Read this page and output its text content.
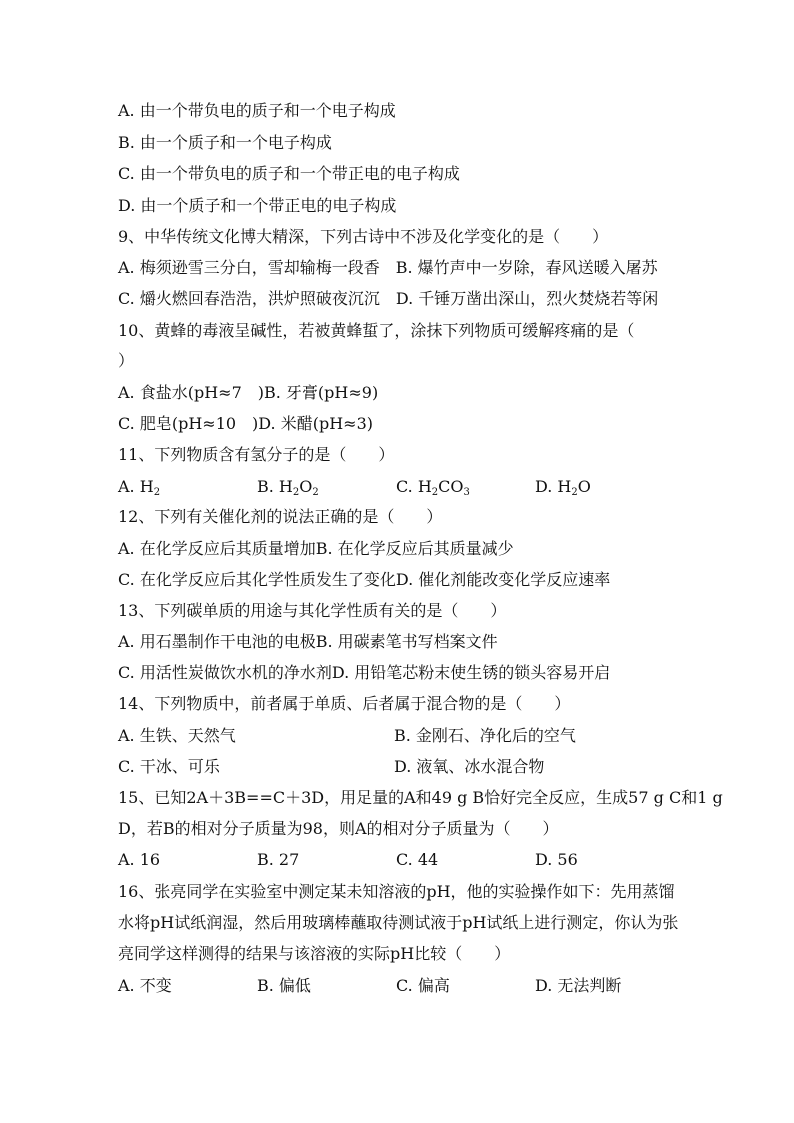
A. 由一个带负电的质子和一个电子构成
B. 由一个质子和一个电子构成
C. 由一个带负电的质子和一个带正电的电子构成
D. 由一个质子和一个带正电的电子构成
9、中华传统文化博大精深，下列古诗中不涉及化学变化的是（　　）
A. 梅须逊雪三分白，雪却输梅一段香　B. 爆竹声中一岁除，春风送暖入屠苏
C. 爝火燃回春浩浩，洪炉照破夜沉沉　D. 千锤万凿出深山，烈火焚烧若等闲
10、黄蜂的毒液呈碱性，若被黄蜂蜇了，涂抹下列物质可缓解疼痛的是（
）
A. 食盐水(pH≈7　)B. 牙膏(pH≈9)
C. 肥皂(pH≈10　)D. 米醋(pH≈3)
11、下列物质含有氢分子的是（　　）
A. $H_2$	B. $H_2O_2$	C. $H_2CO_3$	D. $H_2O$
12、下列有关催化剂的说法正确的是（　　）
A. 在化学反应后其质量增加B. 在化学反应后其质量减少
C. 在化学反应后其化学性质发生了变化D. 催化剂能改变化学反应速率
13、下列碳单质的用途与其化学性质有关的是（　　）
A. 用石墨制作干电池的电极B. 用碳素笔书写档案文件
C. 用活性炭做饮水机的净水剂D. 用铅笔芯粉末使生锈的锁头容易开启
14、下列物质中，前者属于单质、后者属于混合物的是（　　）
A. 生铁、天然气	B. 金刚石、净化后的空气
C. 干冰、可乐	D. 液氧、冰水混合物
15、已知2A＋3B==C＋3D，用足量的A和49 g B恰好完全反应，生成57 g C和1 g
D，若B的相对分子质量为98，则A的相对分子质量为（　　）
A. 16	B. 27	C. 44	D. 56
16、张亮同学在实验室中测定某未知溶液的pH，他的实验操作如下：先用蒸馏
水将pH试纸润湿，然后用玻璃棒蘸取待测试液于pH试纸上进行测定，你认为张
亮同学这样测得的结果与该溶液的实际pH比较（　　）
A. 不变	B. 偏低	C. 偏高	D. 无法判断
